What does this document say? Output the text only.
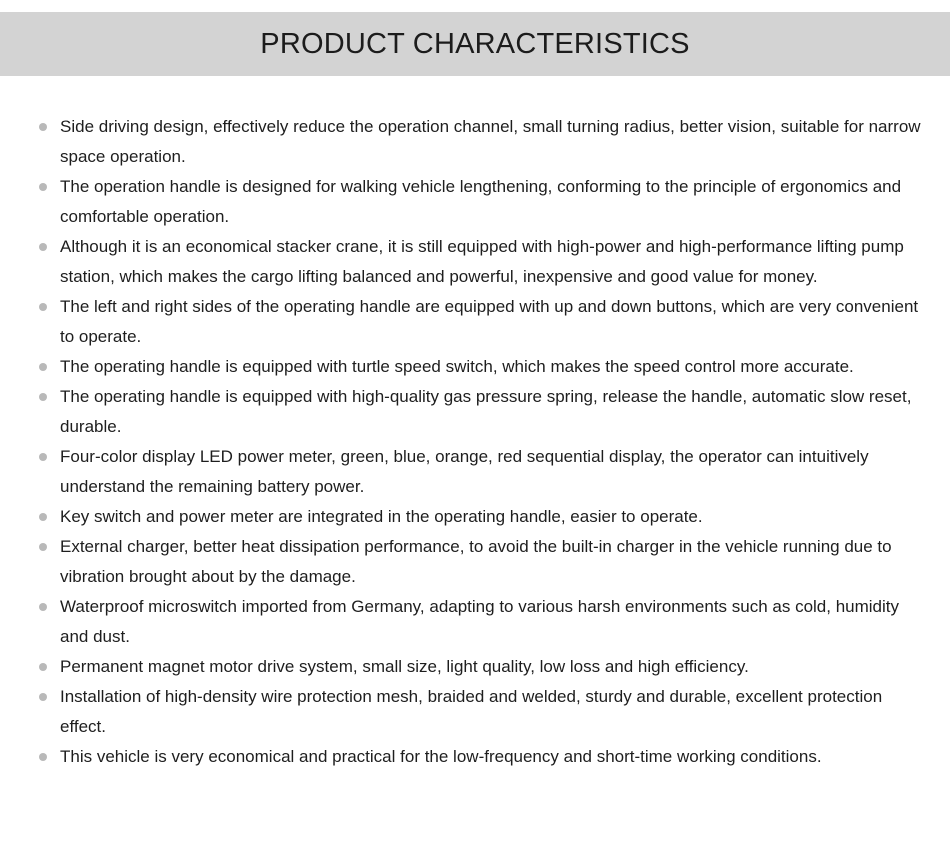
PRODUCT CHARACTERISTICS
Side driving design, effectively reduce the operation channel, small turning radius, better vision, suitable for narrow space operation.
The operation handle is designed for walking vehicle lengthening, conforming to the principle of ergonomics and comfortable operation.
Although it is an economical stacker crane, it is still equipped with high-power and high-performance lifting pump station, which makes the cargo lifting balanced and powerful, inexpensive and good value for money.
The left and right sides of the operating handle are equipped with up and down buttons, which are very convenient to operate.
The operating handle is equipped with turtle speed switch, which makes the speed control more accurate.
The operating handle is equipped with high-quality gas pressure spring, release the handle, automatic slow reset, durable.
Four-color display LED power meter, green, blue, orange, red sequential display, the operator can intuitively understand the remaining battery power.
Key switch and power meter are integrated in the operating handle, easier to operate.
External charger, better heat dissipation performance, to avoid the built-in charger in the vehicle running due to vibration brought about by the damage.
Waterproof microswitch imported from Germany, adapting to various harsh environments such as cold, humidity and dust.
Permanent magnet motor drive system, small size, light quality, low loss and high efficiency.
Installation of high-density wire protection mesh, braided and welded, sturdy and durable, excellent protection effect.
This vehicle is very economical and practical for the low-frequency and short-time working conditions.
